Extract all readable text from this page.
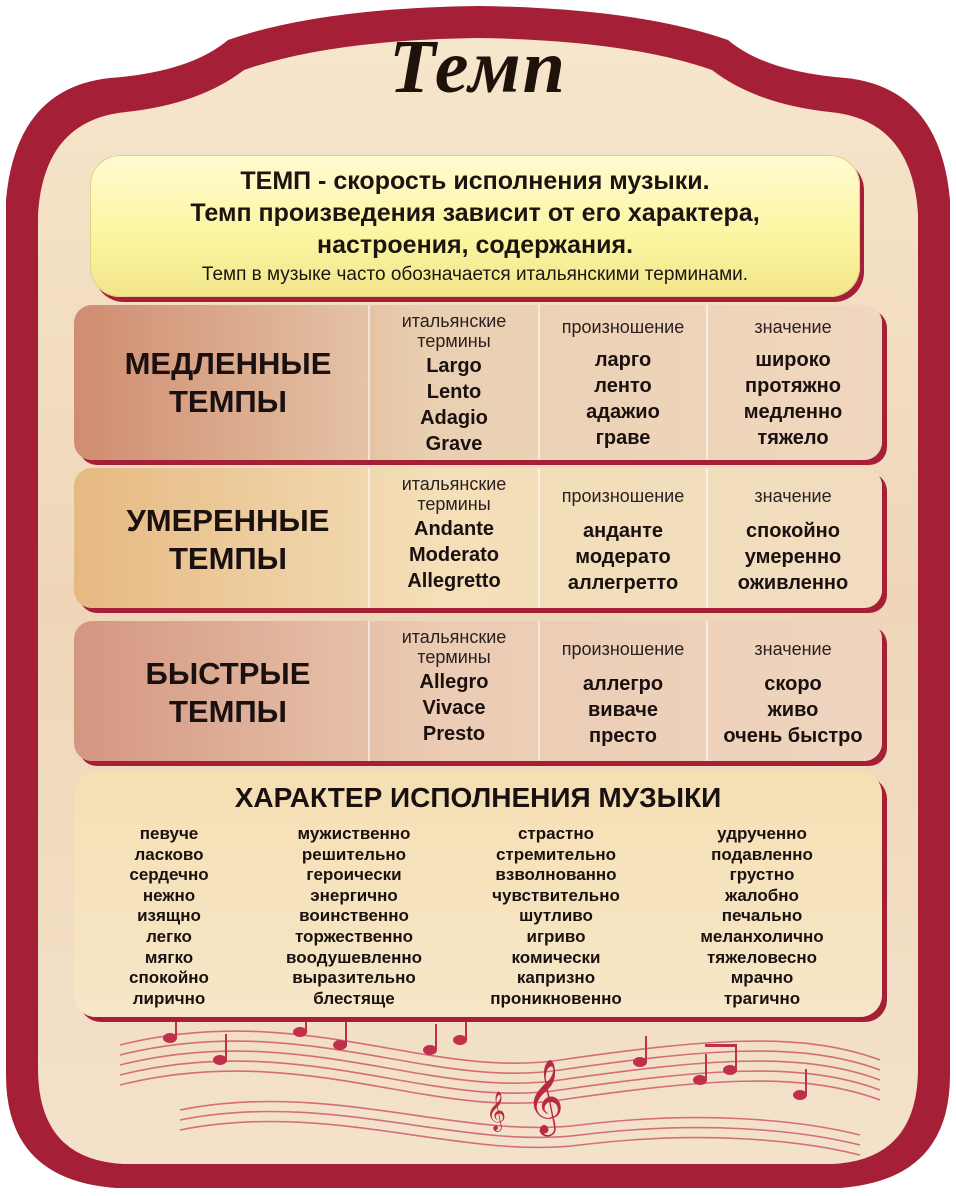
𝄞
𝄞
Темп
ТЕМП - скорость исполнения музыки.
Темп произведения зависит от его характера,
настроения, содержания.
Темп в музыке часто обозначается итальянскими терминами.
МЕДЛЕННЫЕ
ТЕМПЫ
итальянские
термины
Largo
Lento
Adagio
Grave
произношение
ларго
ленто
адажио
граве
значение
широко
протяжно
медленно
тяжело
УМЕРЕННЫЕ
ТЕМПЫ
итальянские
термины
Andante
Moderato
Allegretto
произношение
анданте
модерато
аллегретто
значение
спокойно
умеренно
оживленно
БЫСТРЫЕ
ТЕМПЫ
итальянские
термины
Allegro
Vivace
Presto
произношение
аллегро
виваче
престо
значение
скоро
живо
очень быстро
ХАРАКТЕР ИСПОЛНЕНИЯ МУЗЫКИ
певуче
ласково
сердечно
нежно
изящно
легко
мягко
спокойно
лирично
мужиственно
решительно
героически
энергично
воинственно
торжественно
воодушевленно
выразительно
блестяще
страстно
стремительно
взволнованно
чувствительно
шутливо
игриво
комически
капризно
проникновенно
удрученно
подавленно
грустно
жалобно
печально
меланхолично
тяжеловесно
мрачно
трагично
